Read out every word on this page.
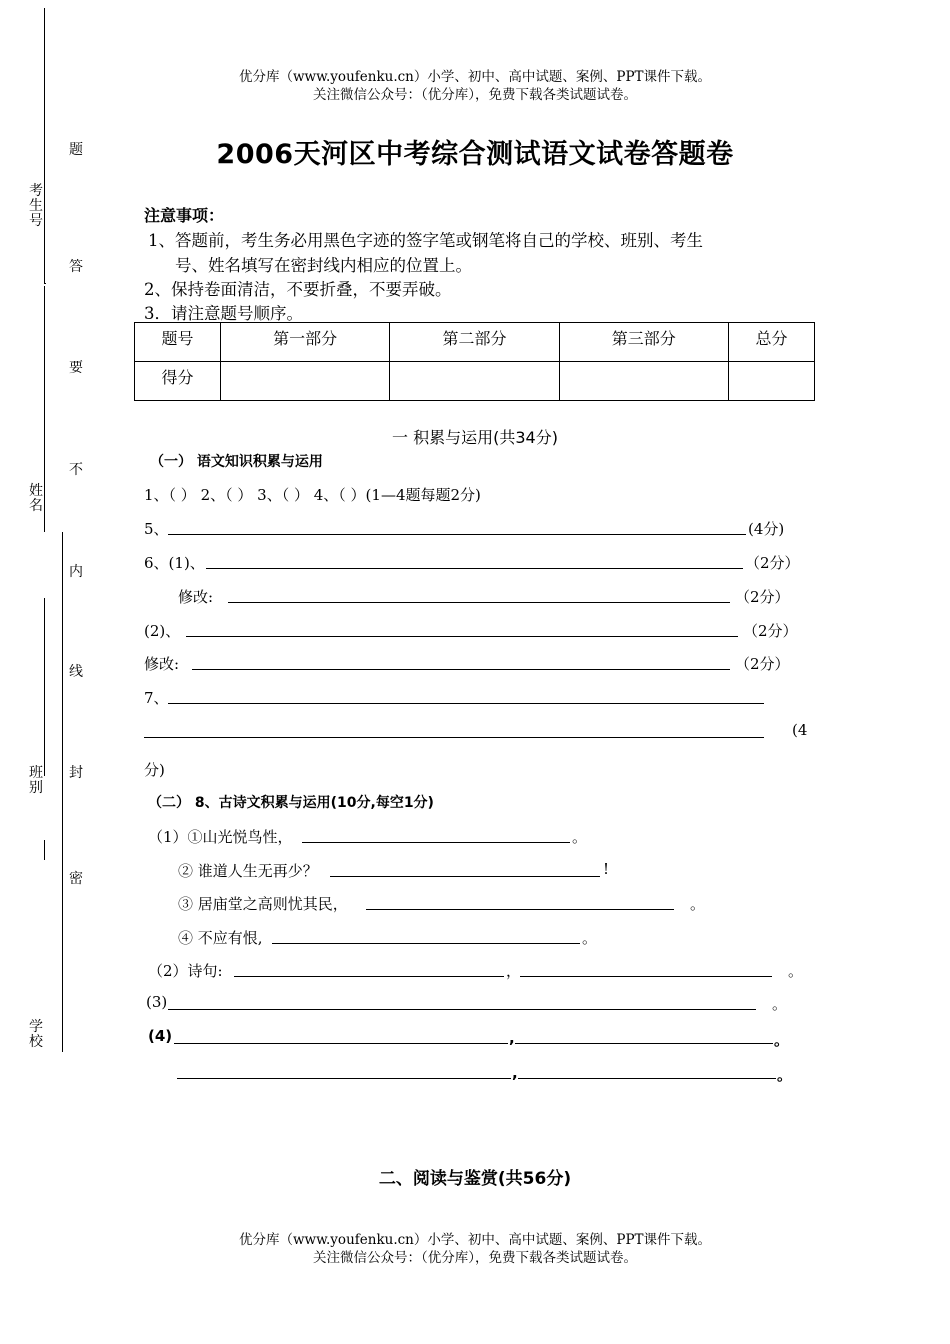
考生号
姓名
班别
学校
题
答
要
不
内
线
封
密
优分库（www.youfenku.cn）小学、初中、高中试题、案例、PPT课件下载。
关注微信公众号：（优分库），免费下载各类试题试卷。
2006天河区中考综合测试语文试卷答题卷
注意事项：
1、答题前，考生务必用黑色字迹的签字笔或钢笔将自己的学校、班别、考生
号、姓名填写在密封线内相应的位置上。
2、保持卷面清洁，不要折叠，不要弄破。
3．请注意题号顺序。
题号	第一部分	第二部分	第三部分	总分
得分				
一 积累与运用(共34分)
（一） 语文知识积累与运用
1、（ ） 2、（ ） 3、（ ） 4、（ ）(1—4题每题2分)
5、	(4分)
6、(1)、	（2分）
修改:	（2分）
(2)、	（2分）
修改:	（2分）
7、
(4
分)
（二） 8、古诗文积累与运用(10分,每空1分)
（1）①山光悦鸟性，	。
② 谁道人生无再少？	!
③ 居庙堂之高则忧其民，	。
④ 不应有恨,	。
（2）诗句:	，	。
(3)	。
(4)	,	。
,	。
二、阅读与鉴赏(共56分)
优分库（www.youfenku.cn）小学、初中、高中试题、案例、PPT课件下载。
关注微信公众号：（优分库），免费下载各类试题试卷。
